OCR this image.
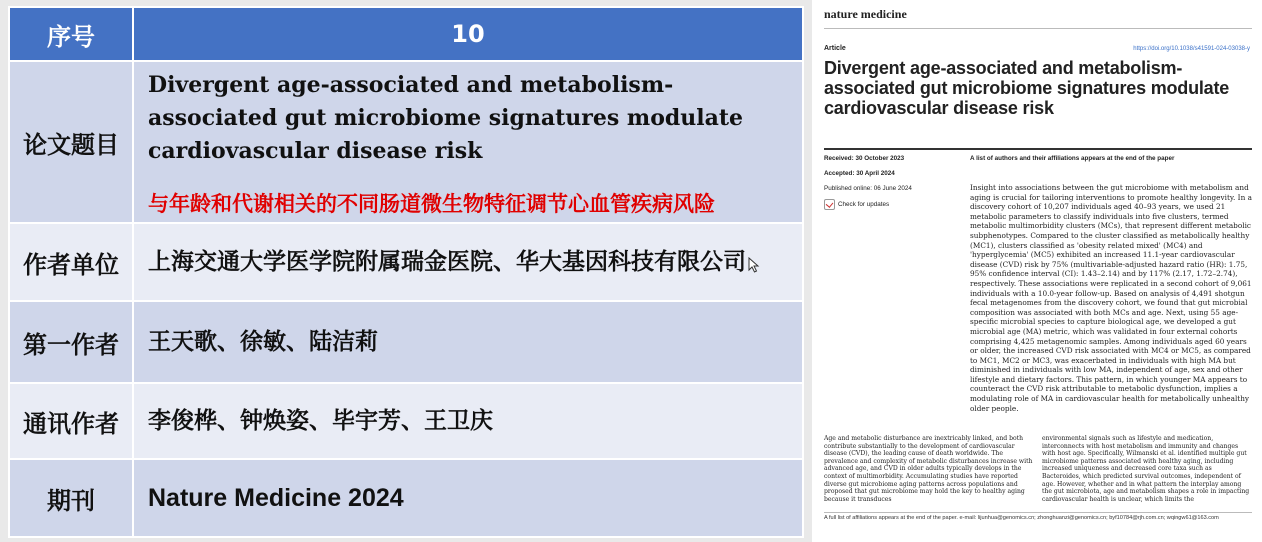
序号	10
论文题目	Divergent age-associated and metabolism-associated gut microbiome signatures modulate cardiovascular disease risk
与年龄和代谢相关的不同肠道微生物特征调节心血管疾病风险

作者单位	上海交通大学医学院附属瑞金医院、华大基因科技有限公司
第一作者	王天歌、徐敏、陆洁莉
通讯作者	李俊桦、钟焕姿、毕宇芳、王卫庆
期刊	Nature Medicine 2024
nature medicine
Article	https://doi.org/10.1038/s41591-024-03038-y
Divergent age-associated and metabolism-associated gut microbiome signatures modulate cardiovascular disease risk
Received: 30 October 2023
Accepted: 30 April 2024
Published online: 06 June 2024
Check for updates
A list of authors and their affiliations appears at the end of the paper
Insight into associations between the gut microbiome with metabolism and aging is crucial for tailoring interventions to promote healthy longevity. In a discovery cohort of 10,207 individuals aged 40–93 years, we used 21 metabolic parameters to classify individuals into five clusters, termed metabolic multimorbidity clusters (MCs), that represent different metabolic subphenotypes. Compared to the cluster classified as metabolically healthy (MC1), clusters classified as 'obesity related mixed' (MC4) and 'hyperglycemia' (MC5) exhibited an increased 11.1-year cardiovascular disease (CVD) risk by 75% (multivariable-adjusted hazard ratio (HR): 1.75, 95% confidence interval (CI): 1.43–2.14) and by 117% (2.17, 1.72–2.74), respectively. These associations were replicated in a second cohort of 9,061 individuals with a 10.0-year follow-up. Based on analysis of 4,491 shotgun fecal metagenomes from the discovery cohort, we found that gut microbial composition was associated with both MCs and age. Next, using 55 age-specific microbial species to capture biological age, we developed a gut microbial age (MA) metric, which was validated in four external cohorts comprising 4,425 metagenomic samples. Among individuals aged 60 years or older, the increased CVD risk associated with MC4 or MC5, as compared to MC1, MC2 or MC3, was exacerbated in individuals with high MA but diminished in individuals with low MA, independent of age, sex and other lifestyle and dietary factors. This pattern, in which younger MA appears to counteract the CVD risk attributable to metabolic dysfunction, implies a modulating role of MA in cardiovascular health for metabolically unhealthy older people.
Age and metabolic disturbance are inextricably linked, and both contribute substantially to the development of cardiovascular disease (CVD), the leading cause of death worldwide. The prevalence and complexity of metabolic disturbances increase with advanced age, and CVD in older adults typically develops in the context of multimorbidity. Accumulating studies have reported diverse gut microbiome aging patterns across populations and proposed that gut microbiome may hold the key to healthy aging because it transduces
environmental signals such as lifestyle and medication, interconnects with host metabolism and immunity and changes with host age. Specifically, Wilmanski et al. identified multiple gut microbiome patterns associated with healthy aging, including increased uniqueness and decreased core taxa such as Bacteroides, which predicted survival outcomes, independent of age. However, whether and in what pattern the interplay among the gut microbiota, age and metabolism shapes a role in impacting cardiovascular health is unclear, which limits the
A full list of affiliations appears at the end of the paper. e-mail: lijunhua@genomics.cn; zhonghuanzi@genomics.cn; byf10784@rjh.com.cn; wqingw61@163.com
